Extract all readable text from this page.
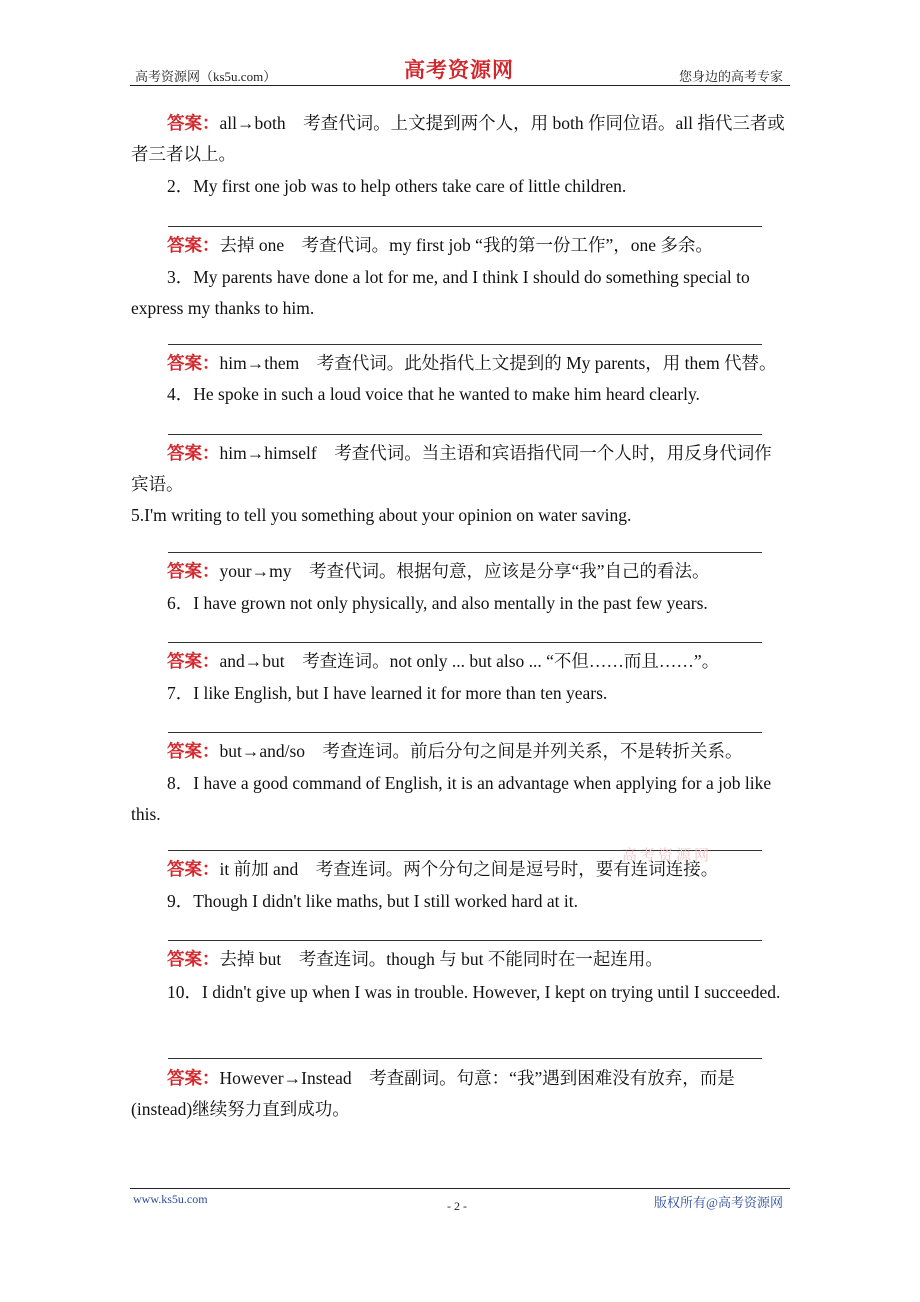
高考资源网（ks5u.com）	高考资源网	您身边的高考专家
答案：all→both　考查代词。上文提到两个人，用 both 作同位语。all 指代三者或者三者以上。
2．My first one job was to help others take care of little children.
答案：去掉 one　考查代词。my first job “我的第一份工作”，one 多余。
3．My parents have done a lot for me, and I think I should do something special to express my thanks to him.
答案：him→them　考查代词。此处指代上文提到的 My parents，用 them 代替。
4．He spoke in such a loud voice that he wanted to make him heard clearly.
答案：him→himself　考查代词。当主语和宾语指代同一个人时，用反身代词作宾语。
5.I'm writing to tell you something about your opinion on water saving.
答案：your→my　考查代词。根据句意，应该是分享“我”自己的看法。
6．I have grown not only physically, and also mentally in the past few years.
答案：and→but　考查连词。not only ... but also ... “不但……而且……”。
7．I like English, but I have learned it for more than ten years.
答案：but→and/so　考查连词。前后分句之间是并列关系，不是转折关系。
8．I have a good command of English, it is an advantage when applying for a job like this.
答案：it 前加 and　考查连词。两个分句之间是逗号时，要有连词连接。
9．Though I didn't like maths, but I still worked hard at it.
答案：去掉 but　考查连词。though 与 but 不能同时在一起连用。
10．I didn't give up when I was in trouble. However, I kept on trying until I succeeded.
答案：However→Instead　考查副词。句意：“我”遇到困难没有放弃，而是(instead)继续努力直到成功。
高考资源网
www.ks5u.com	- 2 -	版权所有@高考资源网
